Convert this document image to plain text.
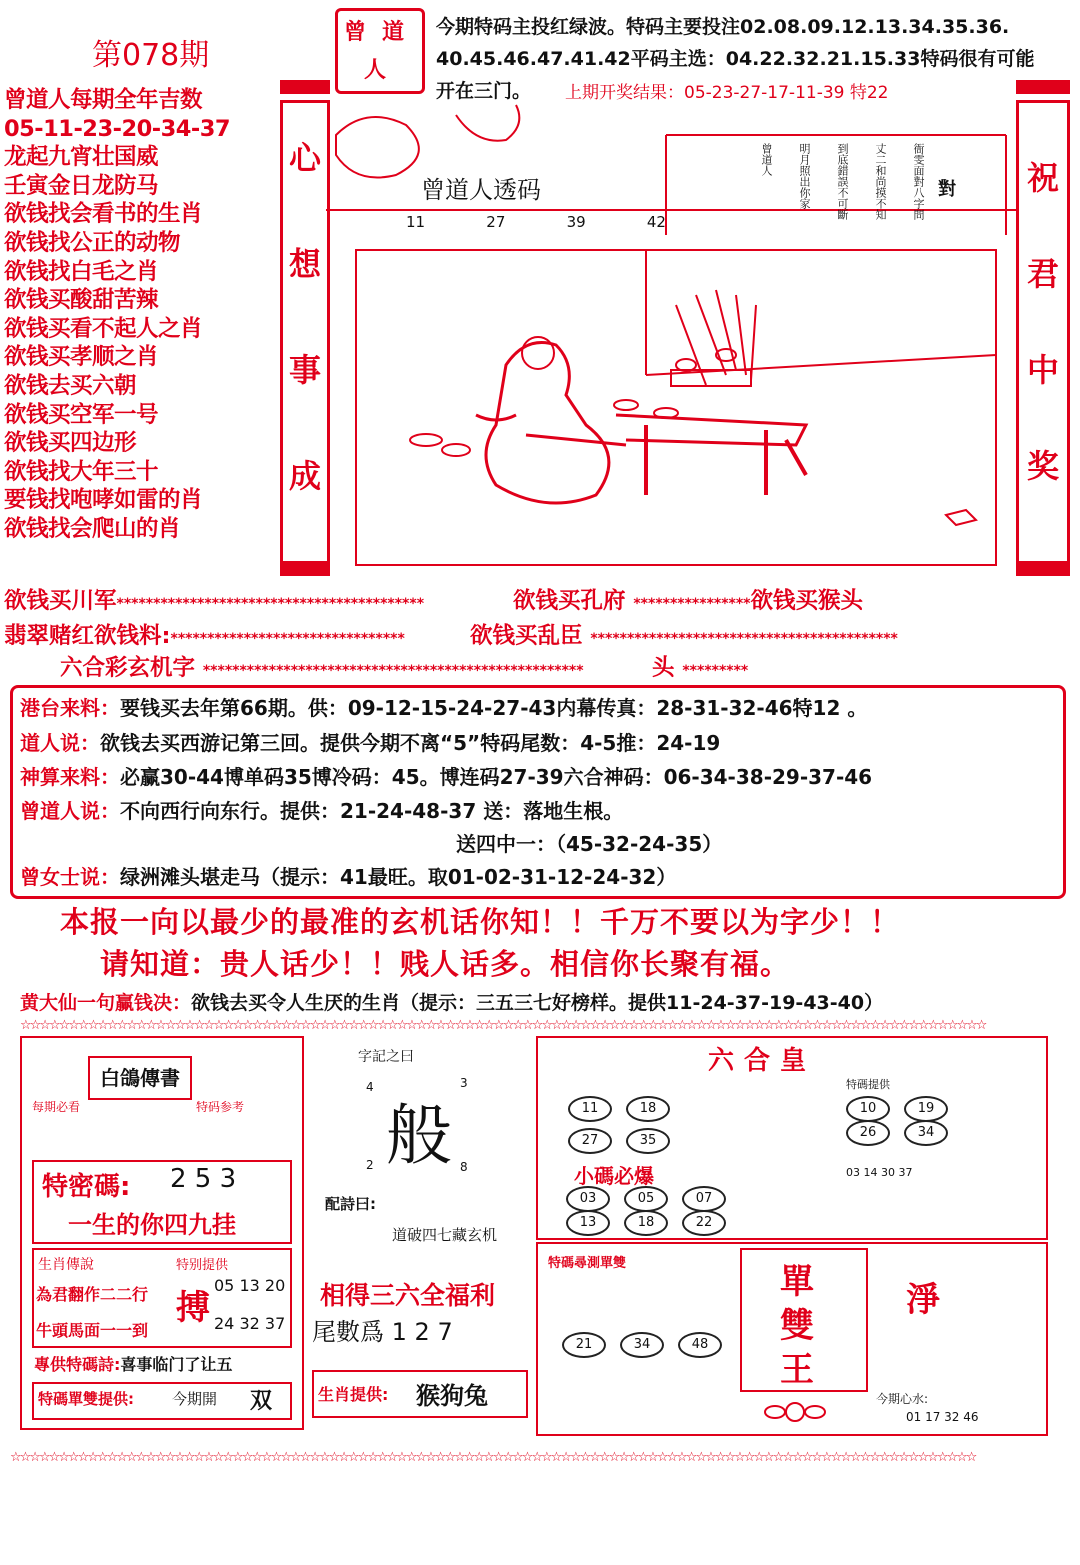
第078期
曾 道
人
今期特码主投红绿波。特码主要投注02.08.09.12.13.34.35.36.
40.45.46.47.41.42平码主选：04.22.32.21.15.33特码很有可能
开在三门。 上期开奖结果：05-23-27-17-11-39 特22
曾道人每期全年吉数
05-11-23-20-34-37
龙起九宵壮国威
壬寅金日龙防马
欲钱找会看书的生肖
欲钱找公正的动物
欲钱找白毛之肖
欲钱买酸甜苦辣
欲钱买看不起人之肖
欲钱买孝顺之肖
欲钱去买六朝
欲钱买空军一号
欲钱买四边形
欲钱找大年三十
要钱找咆哮如雷的肖
欲钱找会爬山的肖
心
想
事
成
祝
君
中
奖
曾道人透码
11	27	39	42
對
衙雯面對八字問
丈二和尚摸不知
到底錯誤不可斷
明月照出你家
曾道人
欲钱买川军******************************************	欲钱买孔府 ****************欲钱买猴头
翡翠赌红欲钱料:********************************	欲钱买乱臣 ******************************************
六合彩玄机字 ****************************************************	头 *********
港台来料：要钱买去年第66期。供：09-12-15-24-27-43内幕传真：28-31-32-46特12 。
道人说：欲钱去买西游记第三回。提供今期不离“5”特码尾数：4-5推：24-19
神算来料：必赢30-44博单码35博冷码：45。博连码27-39六合神码：06-34-38-29-37-46
曾道人说：不向西行向东行。提供：21-24-48-37 送：落地生根。
送四中一：（45-32-24-35）
曾女士说：绿洲滩头堪走马（提示：41最旺。取01-02-31-12-24-32）
本报一向以最少的最准的玄机话你知！！千万不要以为字少！！
请知道：贵人话少！！贱人话多。相信你长聚有福。
黄大仙一句赢钱决：欲钱去买令人生厌的生肖（提示：三五三七好榜样。提供11-24-37-19-43-40）
☆☆☆☆☆☆☆☆☆☆☆☆☆☆☆☆☆☆☆☆☆☆☆☆☆☆☆☆☆☆☆☆☆☆☆☆☆☆☆☆☆☆☆☆☆☆☆☆☆☆☆☆☆☆☆☆☆☆☆☆☆☆☆☆☆☆☆☆☆☆☆☆☆☆☆☆☆☆☆☆☆☆☆☆☆☆☆☆☆☆☆☆☆☆☆☆☆☆☆☆
白鴿傳書
每期必看	特码参考
特密碼: 2 5 3
一生的你四九挂
生肖傳說
為君翻作二二行
牛頭馬面一一到
特别提供
搏
05 13 20
24 32 37
專供特碼詩:喜事临门了让五
特碼單雙提供:	今期開 双
字記之曰
般
4	3
2	8
配詩曰:
道破四七藏玄机
相得三六全福利
尾數爲 1 2 7
生肖提供: 猴狗兔
六合皇
11	18
27	35
特碼提供
10	19
26	34
小碼必爆	03 14 30 37
03	05	07
13	18	22
特碼尋測單雙
21	34	48
單
雙
王
淨
今期心水:
01 17 32 46
☆☆☆☆☆☆☆☆☆☆☆☆☆☆☆☆☆☆☆☆☆☆☆☆☆☆☆☆☆☆☆☆☆☆☆☆☆☆☆☆☆☆☆☆☆☆☆☆☆☆☆☆☆☆☆☆☆☆☆☆☆☆☆☆☆☆☆☆☆☆☆☆☆☆☆☆☆☆☆☆☆☆☆☆☆☆☆☆☆☆☆☆☆☆☆☆☆☆☆☆
